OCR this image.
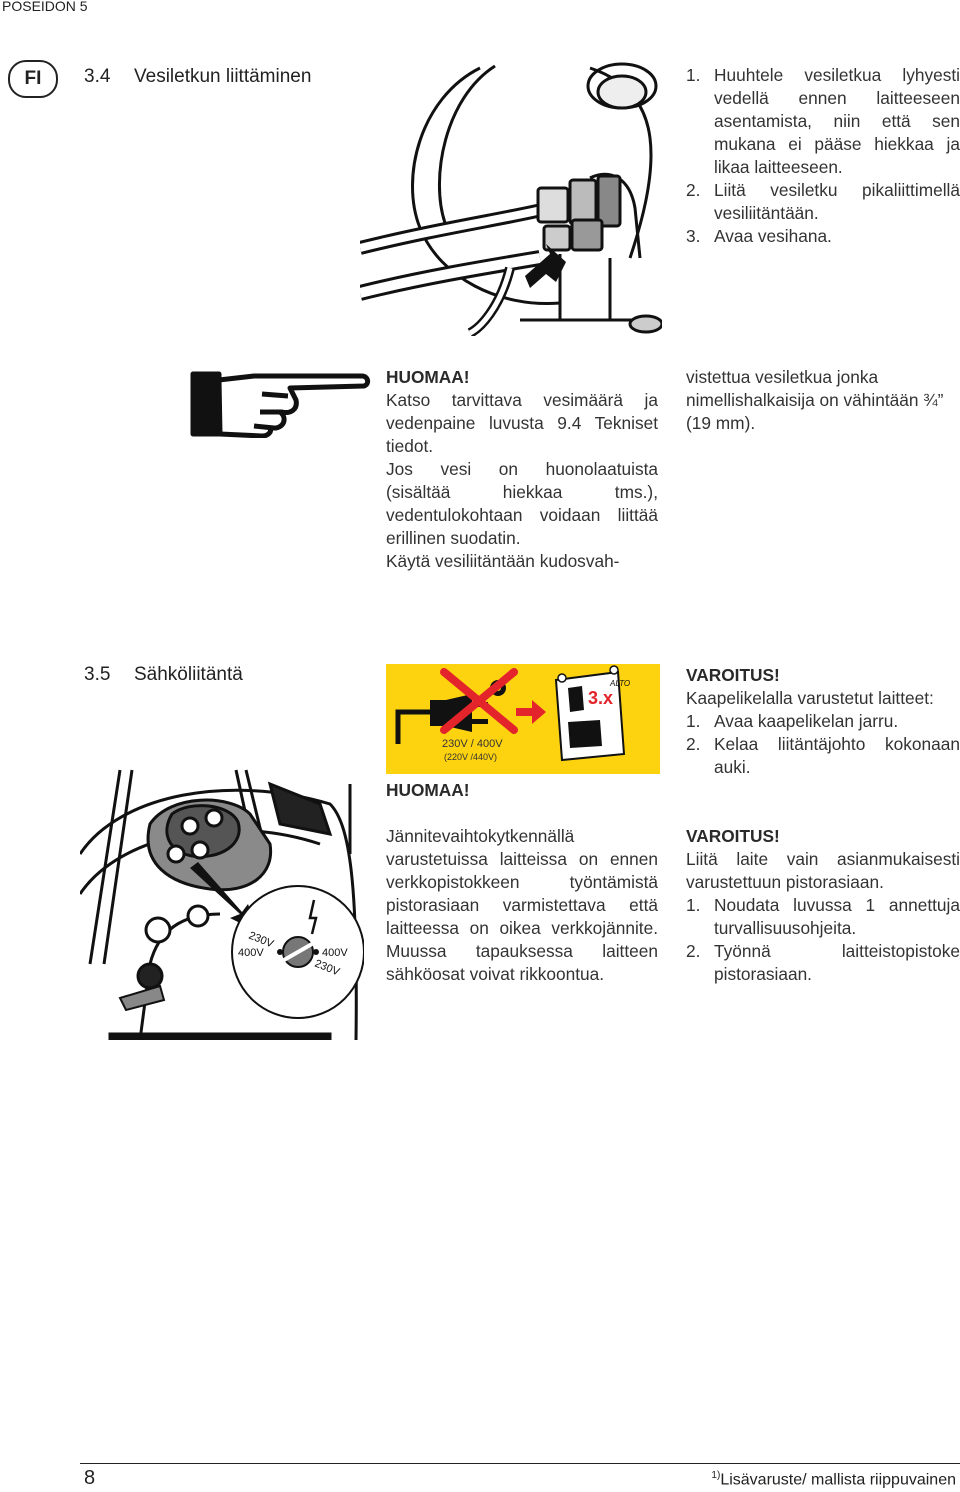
POSEIDON 5
FI	3.4 Vesiletkun liittäminen	1. Huuhtele vesiletkua lyhyesti vedellä ennen laitteeseen asentamista, niin että sen mukana ei pääse hiekkaa ja likaa laitteeseen.
2. Liitä vesiletku pikaliittimellä vesiliitäntään.
3. Avaa vesihana.
HUOMAA!
Katso tarvittava vesimäärä ja vedenpaine luvusta 9.4 Tekniset tiedot.
Jos vesi on huonolaatuista (sisältää hiekkaa tms.), vedentulokohtaan voidaan liittää erillinen suodatin.
Käytä vesiliitäntään kudosvah-
vistettua vesiletkua jonka nimellishalkaisija on vähintään ¾” (19 mm).
3.5 Sähköliitäntä
3.x
ALTO
230V / 400V
(220V /440V)
230V
400V	400V
230V
HUOMAA!

Jännitevaihtokytkennällä varustetuissa laitteissa on ennen verkkopistokkeen työntämistä pistorasiaan varmistettava että laitteessa on oikea verkkojännite. Muussa tapauksessa laitteen sähköosat voivat rikkoontua.

VAROITUS!
Kaapelikelalla varustetut laitteet:
1. Avaa kaapelikelan jarru.
2. Kelaa liitäntäjohto kokonaan auki.
VAROITUS!
Liitä laite vain asianmukaisesti varustettuun pistorasiaan.
1. Noudata luvussa 1 annettuja turvallisuusohjeita.
2. Työnnä laitteistopistoke pistorasiaan.
8	$^{1)}$Lisävaruste/ mallista riippuvainen
